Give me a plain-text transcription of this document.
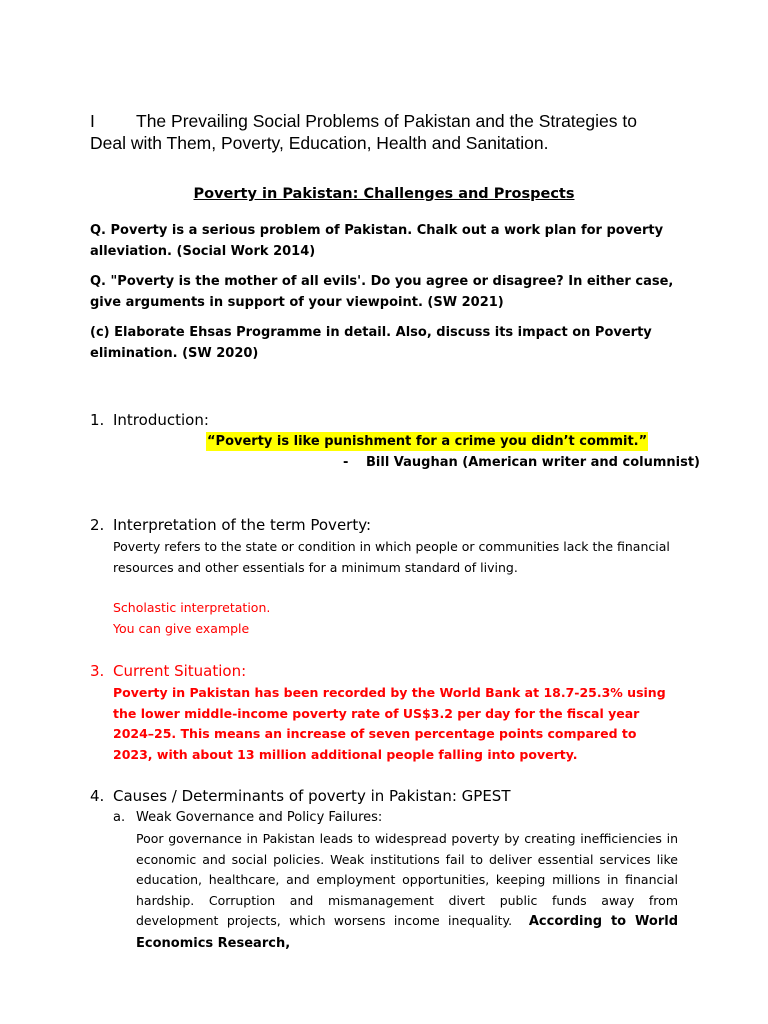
I The Prevailing Social Problems of Pakistan and the Strategies to
Deal with Them, Poverty, Education, Health and Sanitation.
Poverty in Pakistan: Challenges and Prospects
Q. Poverty is a serious problem of Pakistan. Chalk out a work plan for poverty alleviation. (Social Work 2014)
Q. "Poverty is the mother of all evils'. Do you agree or disagree? In either case, give arguments in support of your viewpoint. (SW 2021)
(c) Elaborate Ehsas Programme in detail. Also, discuss its impact on Poverty elimination. (SW 2020)
1. Introduction:
“Poverty is like punishment for a crime you didn’t commit.”
- Bill Vaughan (American writer and columnist)
2. Interpretation of the term Poverty:
Poverty refers to the state or condition in which people or communities lack the financial resources and other essentials for a minimum standard of living.
Scholastic interpretation.
You can give example
3. Current Situation:
Poverty in Pakistan has been recorded by the World Bank at 18.7-25.3% using the lower middle-income poverty rate of US$3.2 per day for the fiscal year 2024–25. This means an increase of seven percentage points compared to 2023, with about 13 million additional people falling into poverty.
4. Causes / Determinants of poverty in Pakistan: GPEST
a. Weak Governance and Policy Failures:
Poor governance in Pakistan leads to widespread poverty by creating inefficiencies in economic and social policies. Weak institutions fail to deliver essential services like education, healthcare, and employment opportunities, keeping millions in financial hardship. Corruption and mismanagement divert public funds away from development projects, which worsens income inequality. According to World Economics Research,
